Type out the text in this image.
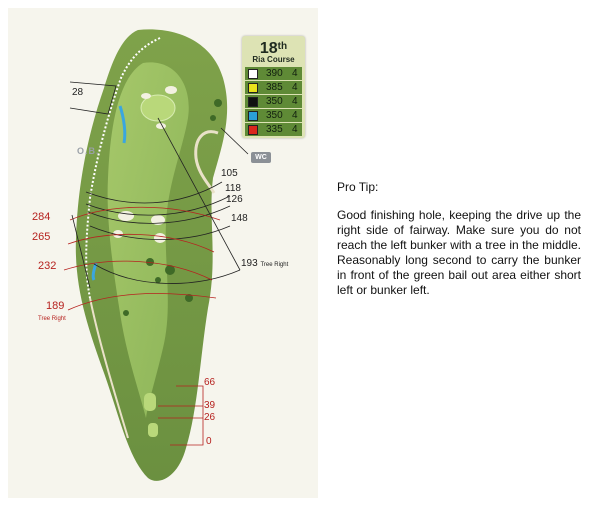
18th
Ria Course
390 4
385 4
350 4
350 4
335 4
O.B.
WC
28
105
118
126
148
193 Tree Right
284
265
232
189
Tree Right
66
39
26
0

Pro Tip:

Good finishing hole, keeping the drive up the right side of fairway. Make sure you do not reach the left bunker with a tree in the middle. Reasonably long second to carry the bunker in front of the green bail out area either short left or bunker left.
